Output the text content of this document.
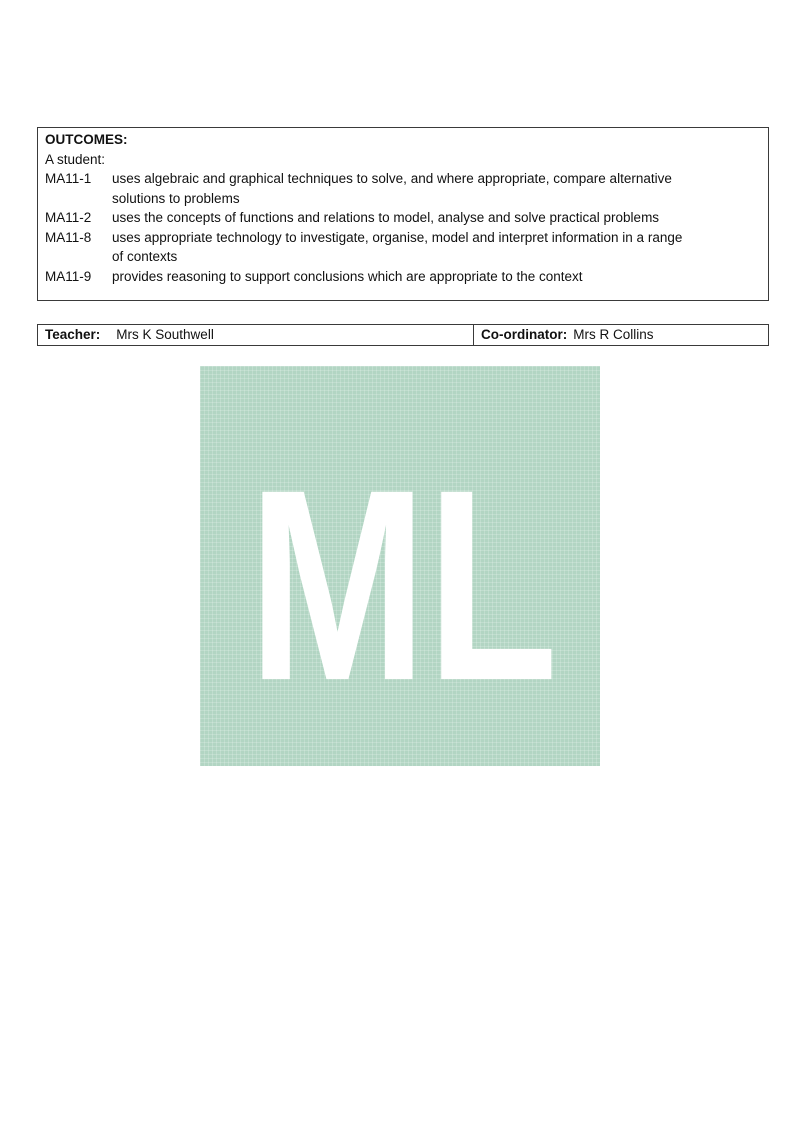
OUTCOMES:
A student:
MA11-1	uses algebraic and graphical techniques to solve, and where appropriate, compare alternative
solutions to problems
MA11-2	uses the concepts of functions and relations to model, analyse and solve practical problems
MA11-8	uses appropriate technology to investigate, organise, model and interpret information in a range
of contexts
MA11-9	provides reasoning to support conclusions which are appropriate to the context
Teacher: Mrs K Southwell	Co-ordinator: Mrs R Collins
ML
